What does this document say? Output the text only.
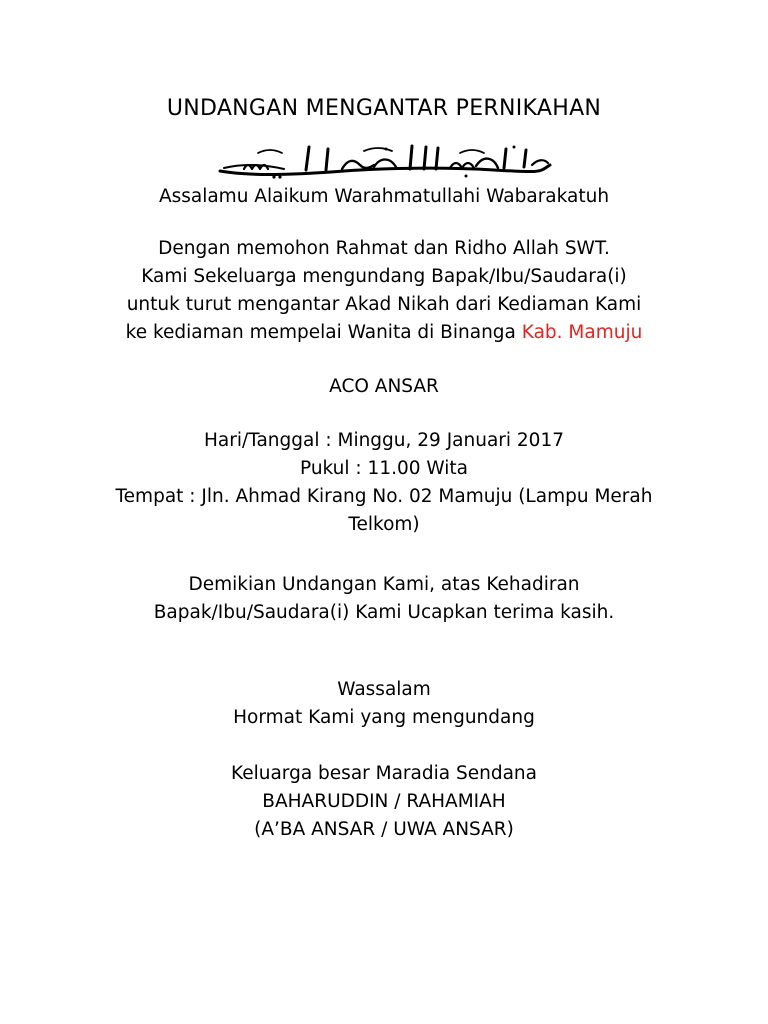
UNDANGAN MENGANTAR PERNIKAHAN
Assalamu Alaikum Warahmatullahi Wabarakatuh
Dengan memohon Rahmat dan Ridho Allah SWT.
Kami Sekeluarga mengundang Bapak/Ibu/Saudara(i)
untuk turut mengantar Akad Nikah dari Kediaman Kami
ke kediaman mempelai Wanita di Binanga Kab. Mamuju
ACO ANSAR
Hari/Tanggal : Minggu, 29 Januari 2017
Pukul : 11.00 Wita
Tempat : Jln. Ahmad Kirang No. 02 Mamuju (Lampu Merah
Telkom)
Demikian Undangan Kami, atas Kehadiran
Bapak/Ibu/Saudara(i) Kami Ucapkan terima kasih.
Wassalam
Hormat Kami yang mengundang
Keluarga besar Maradia Sendana
BAHARUDDIN / RAHAMIAH
(A’BA ANSAR / UWA ANSAR)
